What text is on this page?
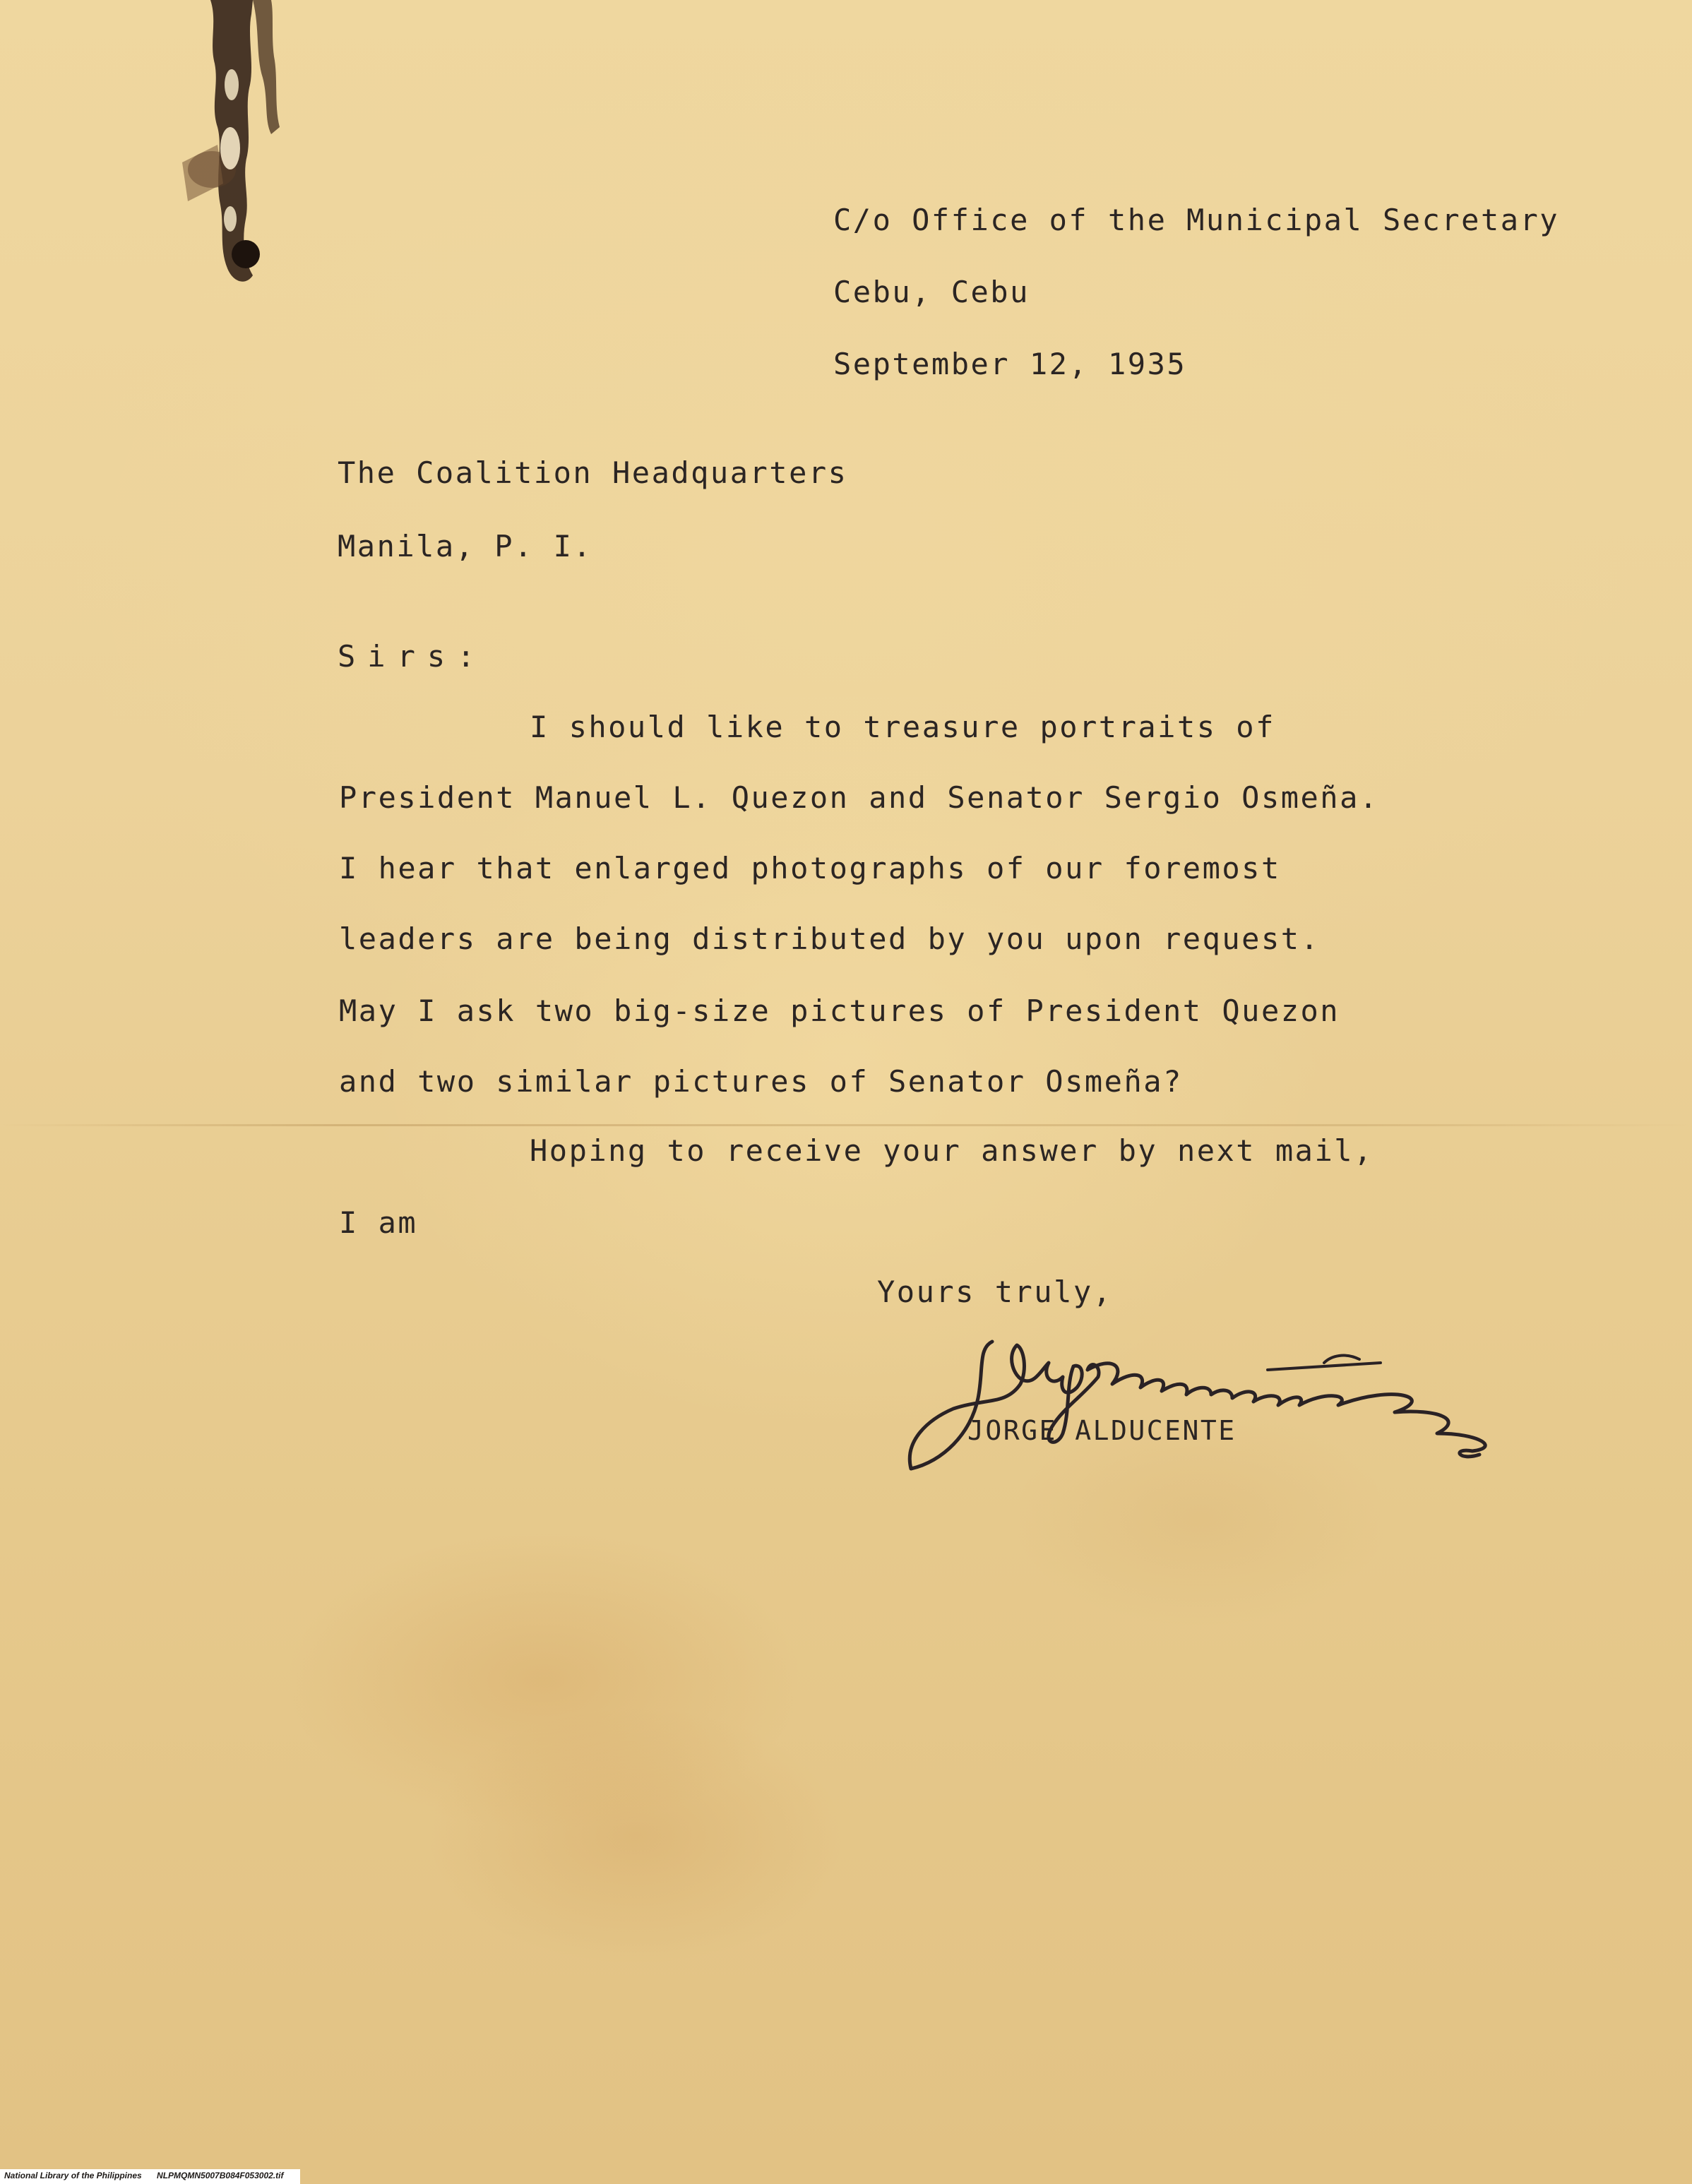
C/o Office of the Municipal Secretary
Cebu, Cebu
September 12, 1935
The Coalition Headquarters
Manila, P. I.
Sirs:
I should like to treasure portraits of
President Manuel L. Quezon and Senator Sergio Osmeña.
I hear that enlarged photographs of our foremost
leaders are being distributed by you upon request.
May I ask two big-size pictures of President Quezon
and two similar pictures of Senator Osmeña?
Hoping to receive your answer by next mail,
I am
Yours truly,
JORGE ALDUCENTE
National Library of the Philippines NLPMQMN5007B084F053002.tif
